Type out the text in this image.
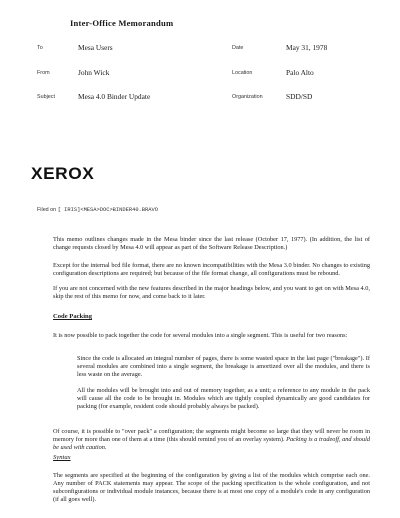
Inter-Office Memorandum
To	Mesa Users	Date	May 31, 1978
From	John Wick	Location	Palo Alto
Subject	Mesa 4.0 Binder Update	Organization	SDD/SD
XEROX
Filed on [ IRIS]<MESA>DOC>BINDER40.BRAVO
This memo outlines changes made in the Mesa binder since the last release (October 17, 1977). (In addition, the list of change requests closed by Mesa 4.0 will appear as part of the Software Release Description.)
Except for the internal bcd file format, there are no known incompatibilities with the Mesa 3.0 binder. No changes to existing configuration descriptions are required; but because of the file format change, all configurations must be rebound.
If you are not concerned with the new features described in the major headings below, and you want to get on with Mesa 4.0, skip the rest of this memo for now, and come back to it later.
Code Packing
It is now possible to pack together the code for several modules into a single segment. This is useful for two reasons:
Since the code is allocated an integral number of pages, there is some wasted space in the last page ("breakage"). If several modules are combined into a single segment, the breakage is amortized over all the modules, and there is less waste on the average.
All the modules will be brought into and out of memory together, as a unit; a reference to any module in the pack will cause all the code to be brought in. Modules which are tightly coupled dynamically are good candidates for packing (for example, resident code should probably always be packed).
Of course, it is possible to "over pack" a configuration; the segments might become so large that they will never be room in memory for more than one of them at a time (this should remind you of an overlay system). Packing is a tradeoff, and should be used with caution.
Syntax
The segments are specified at the beginning of the configuration by giving a list of the modules which comprise each one. Any number of PACK statements may appear. The scope of the packing specification is the whole configuration, and not subconfigurations or individual module instances, because there is at most one copy of a module's code in any configuration (if all goes well).
